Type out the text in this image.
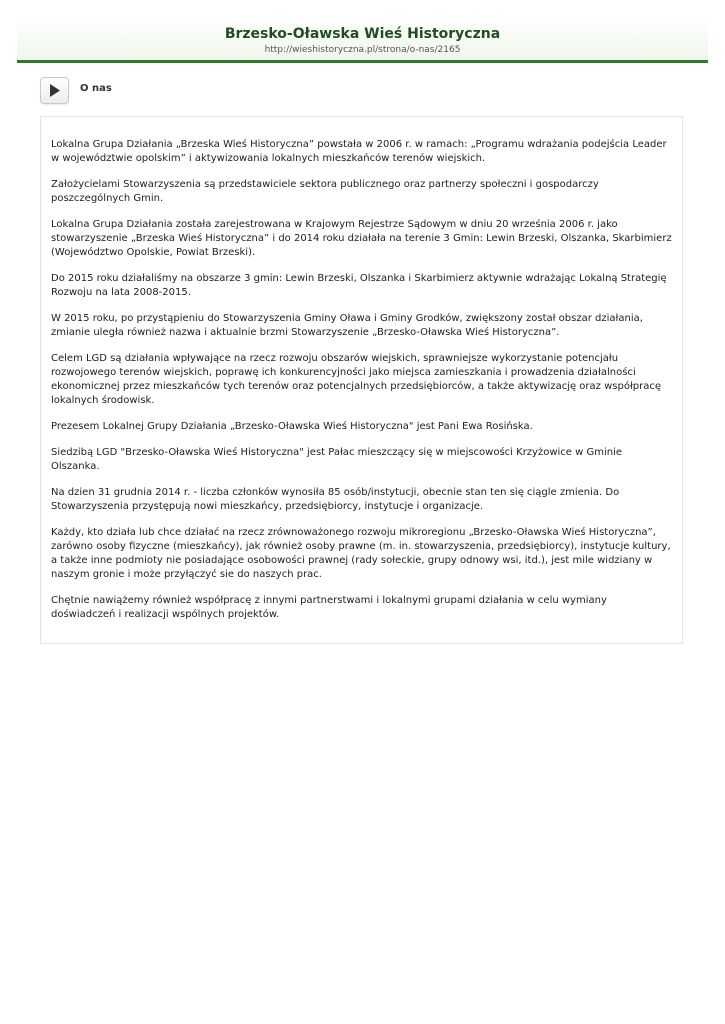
Brzesko-Oławska Wieś Historyczna
http://wieshistoryczna.pl/strona/o-nas/2165
O nas

Lokalna Grupa Działania „Brzeska Wieś Historyczna” powstała w 2006 r. w ramach: „Programu wdrażania podejścia Leader w województwie opolskim” i aktywizowania lokalnych mieszkańców terenów wiejskich.

Założycielami Stowarzyszenia są przedstawiciele sektora publicznego oraz partnerzy społeczni i gospodarczy poszczególnych Gmin.

Lokalna Grupa Działania została zarejestrowana w Krajowym Rejestrze Sądowym w dniu 20 września 2006 r. jako stowarzyszenie „Brzeska Wieś Historyczna” i do 2014 roku działała na terenie 3 Gmin: Lewin Brzeski, Olszanka, Skarbimierz (Województwo Opolskie, Powiat Brzeski).

Do 2015 roku działaliśmy na obszarze 3 gmin: Lewin Brzeski, Olszanka i Skarbimierz aktywnie wdrażając Lokalną Strategię Rozwoju na lata 2008-2015.

W 2015 roku, po przystąpieniu do Stowarzyszenia Gminy Oława i Gminy Grodków, zwiększony został obszar działania, zmianie uległa również nazwa i aktualnie brzmi Stowarzyszenie „Brzesko-Oławska Wieś Historyczna”.

Celem LGD są działania wpływające na rzecz rozwoju obszarów wiejskich, sprawniejsze wykorzystanie potencjału rozwojowego terenów wiejskich, poprawę ich konkurencyjności jako miejsca zamieszkania i prowadzenia działalności ekonomicznej przez mieszkańców tych terenów oraz potencjalnych przedsiębiorców, a także aktywizację oraz współpracę lokalnych środowisk.

Prezesem Lokalnej Grupy Działania „Brzesko-Oławska Wieś Historyczna" jest Pani Ewa Rosińska.

Siedzibą LGD "Brzesko-Oławska Wieś Historyczna" jest Pałac mieszczący się w miejscowości Krzyżowice w Gminie Olszanka.

Na dzien 31 grudnia 2014 r. - liczba członków wynosiła 85 osób/instytucji, obecnie stan ten się ciągle zmienia. Do Stowarzyszenia przystępują nowi mieszkańcy, przedsiębiorcy, instytucje i organizacje.

Każdy, kto działa lub chce działać na rzecz zrównoważonego rozwoju mikroregionu „Brzesko-Oławska Wieś Historyczna”, zarówno osoby fizyczne (mieszkańcy), jak również osoby prawne (m. in. stowarzyszenia, przedsiębiorcy), instytucje kultury, a także inne podmioty nie posiadające osobowości prawnej (rady sołeckie, grupy odnowy wsi, itd.), jest mile widziany w naszym gronie i może przyłączyć sie do naszych prac.

Chętnie nawiążemy również współpracę z innymi partnerstwami i lokalnymi grupami działania w celu wymiany doświadczeń i realizacji wspólnych projektów.
